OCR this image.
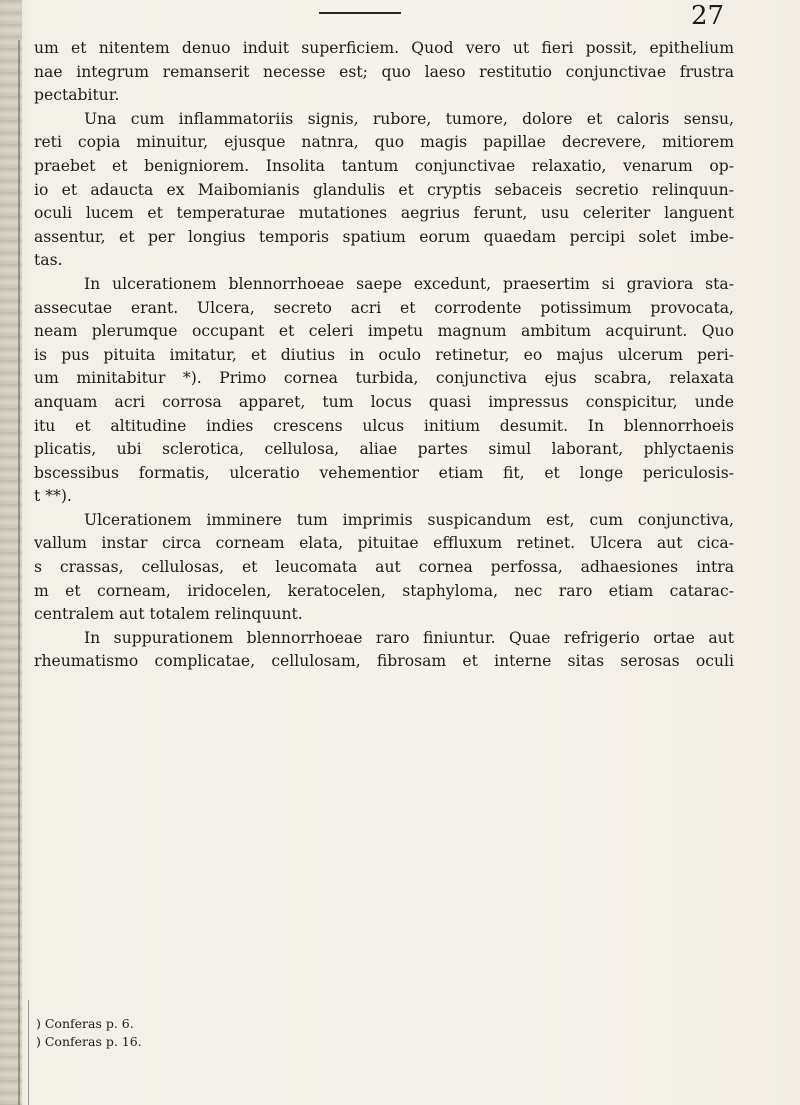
27
um et nitentem denuo induit superficiem. Quod vero ut fieri possit, epithelium
nae integrum remanserit necesse est; quo laeso restitutio conjunctivae frustra
pectabitur.
Una cum inflammatoriis signis, rubore, tumore, dolore et caloris sensu,
reti copia minuitur, ejusque natnra, quo magis papillae decrevere, mitiorem
praebet et benigniorem. Insolita tantum conjunctivae relaxatio, venarum op-
io et adaucta ex Maibomianis glandulis et cryptis sebaceis secretio relinquun-
oculi lucem et temperaturae mutationes aegrius ferunt, usu celeriter languent
assentur, et per longius temporis spatium eorum quaedam percipi solet imbe-
tas.
In ulcerationem blennorrhoeae saepe excedunt, praesertim si graviora sta-
assecutae erant. Ulcera, secreto acri et corrodente potissimum provocata,
neam plerumque occupant et celeri impetu magnum ambitum acquirunt. Quo
is pus pituita imitatur, et diutius in oculo retinetur, eo majus ulcerum peri-
um minitabitur *). Primo cornea turbida, conjunctiva ejus scabra, relaxata
anquam acri corrosa apparet, tum locus quasi impressus conspicitur, unde
itu et altitudine indies crescens ulcus initium desumit. In blennorrhoeis
plicatis, ubi sclerotica, cellulosa, aliae partes simul laborant, phlyctaenis
bscessibus formatis, ulceratio vehementior etiam fit, et longe periculosis-
t **).
Ulcerationem imminere tum imprimis suspicandum est, cum conjunctiva,
vallum instar circa corneam elata, pituitae effluxum retinet. Ulcera aut cica-
s crassas, cellulosas, et leucomata aut cornea perfossa, adhaesiones intra
m et corneam, iridocelen, keratocelen, staphyloma, nec raro etiam catarac-
centralem aut totalem relinquunt.
In suppurationem blennorrhoeae raro finiuntur. Quae refrigerio ortae aut
rheumatismo complicatae, cellulosam, fibrosam et interne sitas serosas oculi
) Conferas p. 6.
) Conferas p. 16.
